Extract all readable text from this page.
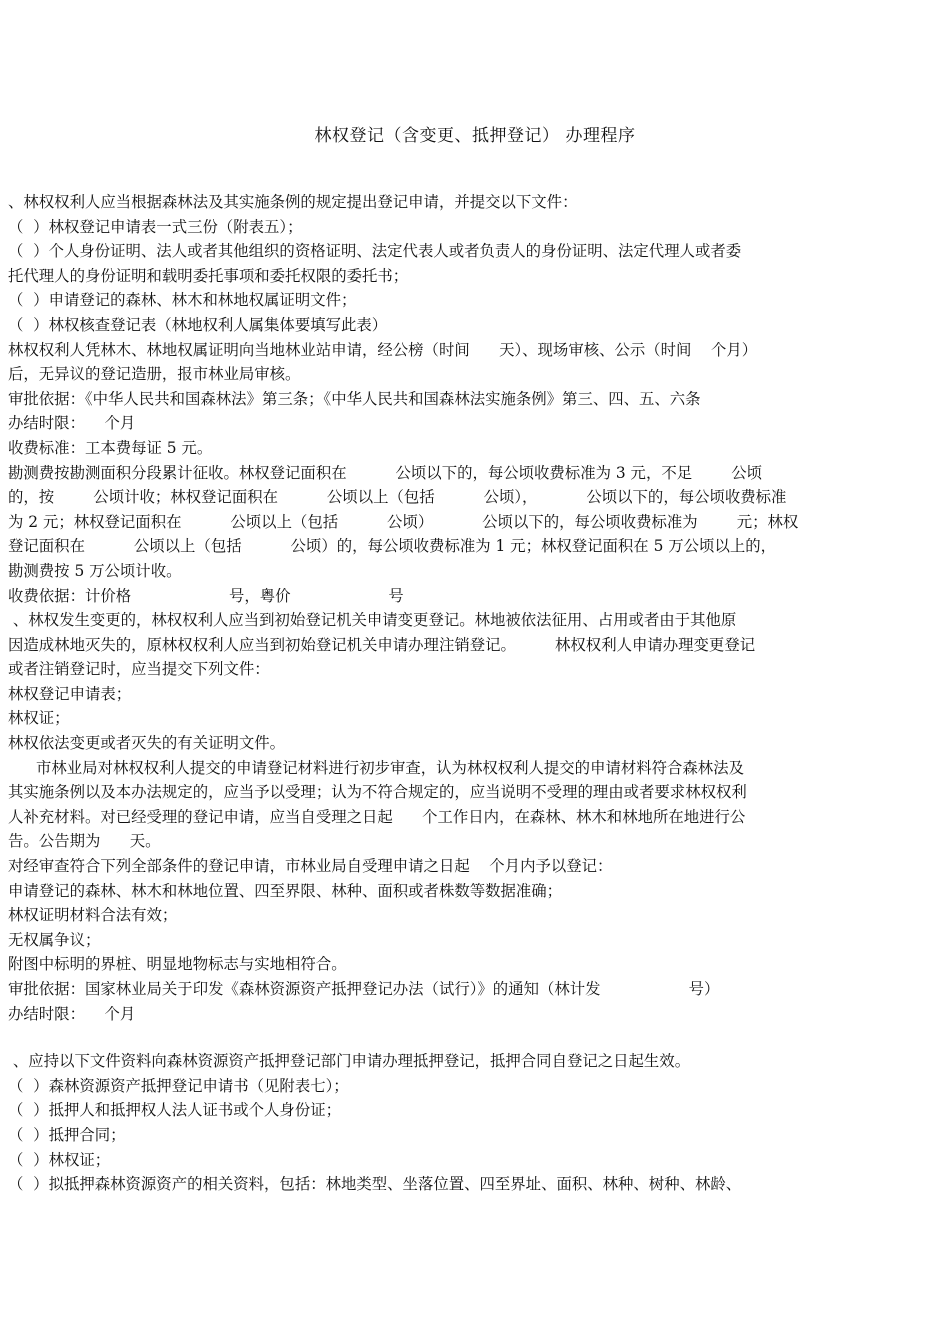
林权登记（含变更、抵押登记） 办理程序
、林权权利人应当根据森林法及其实施条例的规定提出登记申请，并提交以下文件：
（  ）林权登记申请表一式三份（附表五）；
（  ）个人身份证明、法人或者其他组织的资格证明、法定代表人或者负责人的身份证明、法定代理人或者委
托代理人的身份证明和载明委托事项和委托权限的委托书；
（  ）申请登记的森林、林木和林地权属证明文件；
（  ）林权核查登记表（林地权利人属集体要填写此表）
林权权利人凭林木、林地权属证明向当地林业站申请，经公榜（时间      天）、现场审核、公示（时间    个月）
后，无异议的登记造册，报市林业局审核。
审批依据：《中华人民共和国森林法》第三条；《中华人民共和国森林法实施条例》第三、四、五、六条
办结时限：    个月
收费标准：工本费每证 5 元。
勘测费按勘测面积分段累计征收。林权登记面积在          公顷以下的，每公顷收费标准为 3 元，不足        公顷
的，按        公顷计收；林权登记面积在          公顷以上（包括          公顷），          公顷以下的，每公顷收费标准
为 2 元；林权登记面积在          公顷以上（包括          公顷）          公顷以下的，每公顷收费标准为        元；林权
登记面积在          公顷以上（包括          公顷）的，每公顷收费标准为 1 元；林权登记面积在 5 万公顷以上的，
勘测费按 5 万公顷计收。
收费依据：计价格                    号，粤价                    号
、林权发生变更的，林权权利人应当到初始登记机关申请变更登记。林地被依法征用、占用或者由于其他原
因造成林地灭失的，原林权权利人应当到初始登记机关申请办理注销登记。        林权权利人申请办理变更登记
或者注销登记时，应当提交下列文件：
林权登记申请表；
林权证；
林权依法变更或者灭失的有关证明文件。
市林业局对林权权利人提交的申请登记材料进行初步审查，认为林权权利人提交的申请材料符合森林法及
其实施条例以及本办法规定的，应当予以受理；认为不符合规定的，应当说明不受理的理由或者要求林权权利
人补充材料。对已经受理的登记申请，应当自受理之日起      个工作日内，在森林、林木和林地所在地进行公
告。公告期为      天。
对经审查符合下列全部条件的登记申请，市林业局自受理申请之日起    个月内予以登记：
申请登记的森林、林木和林地位置、四至界限、林种、面积或者株数等数据准确；
林权证明材料合法有效；
无权属争议；
附图中标明的界桩、明显地物标志与实地相符合。
审批依据：国家林业局关于印发《森林资源资产抵押登记办法（试行）》的通知（林计发                  号）
办结时限：    个月
、应持以下文件资料向森林资源资产抵押登记部门申请办理抵押登记，抵押合同自登记之日起生效。
（  ）森林资源资产抵押登记申请书（见附表七）；
（  ）抵押人和抵押权人法人证书或个人身份证；
（  ）抵押合同；
（  ）林权证；
（  ）拟抵押森林资源资产的相关资料，包括：林地类型、坐落位置、四至界址、面积、林种、树种、林龄、
